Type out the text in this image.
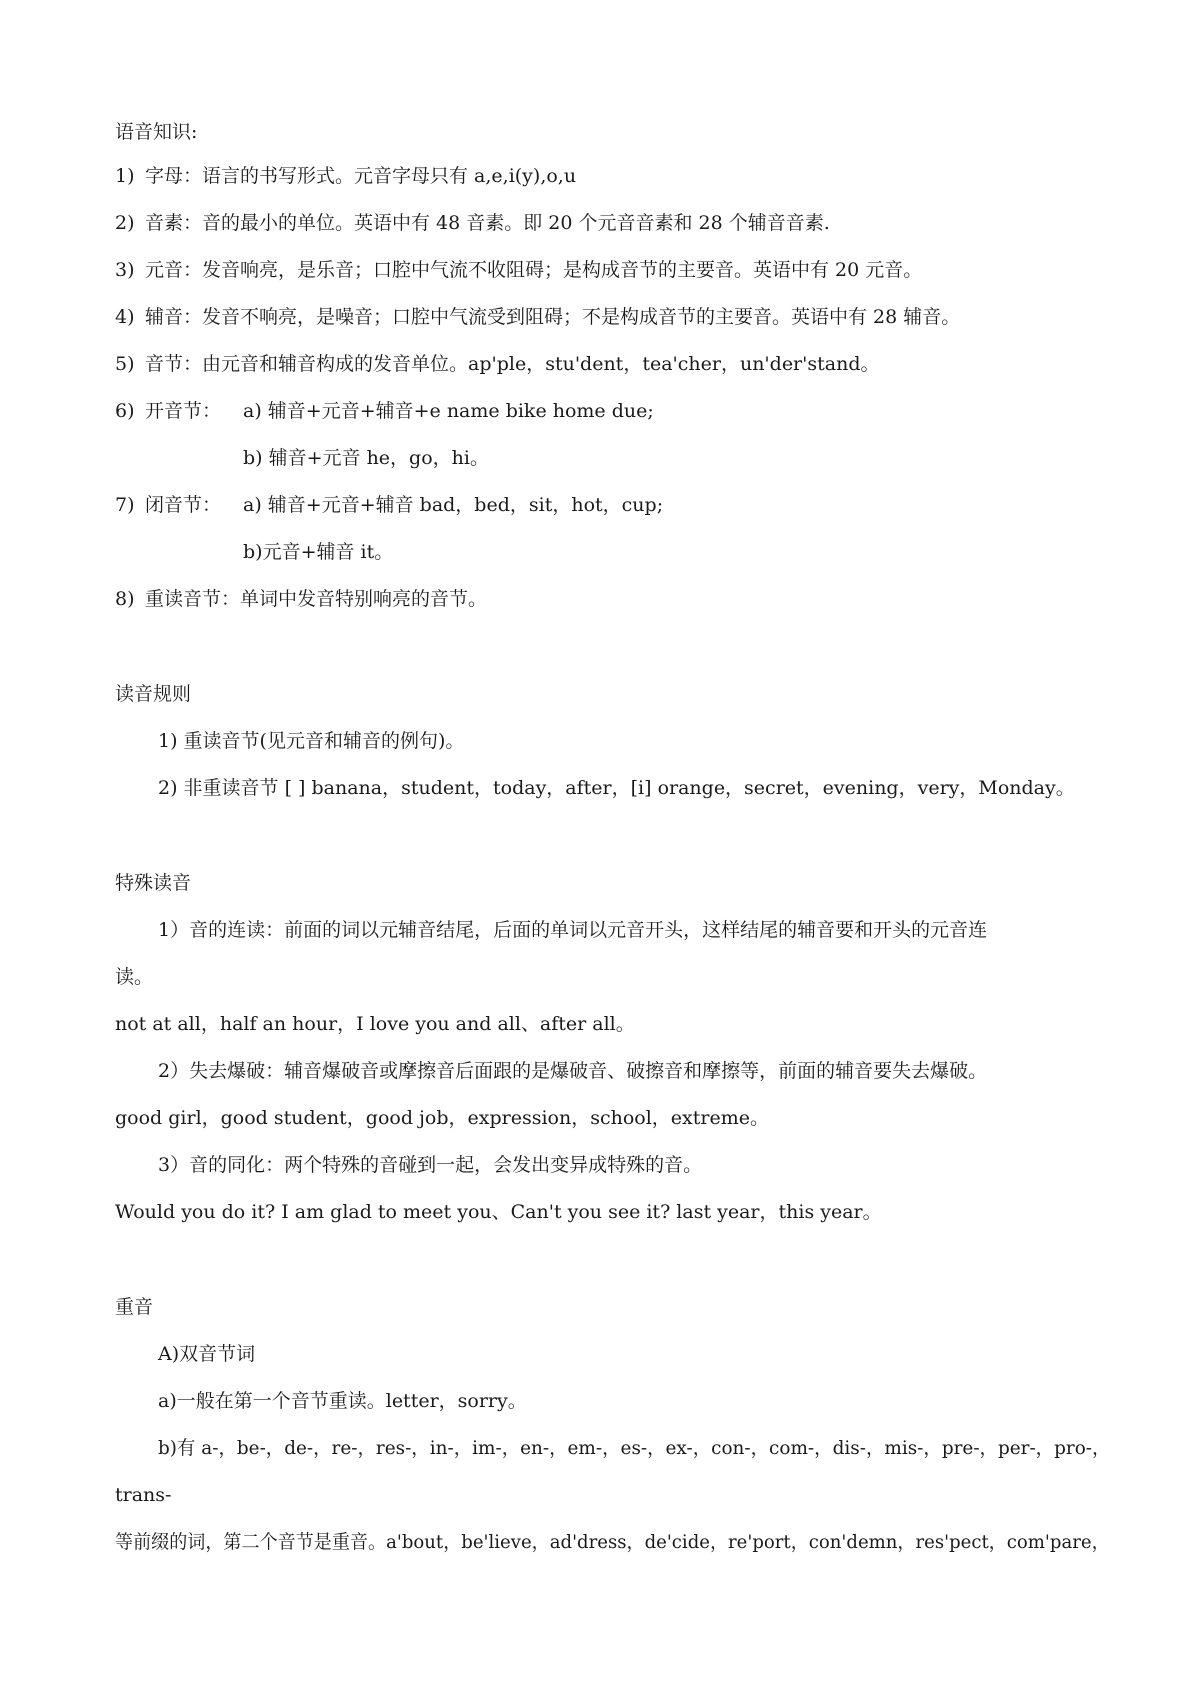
语音知识:
1) 字母：语言的书写形式。元音字母只有 a,e,i(y),o,u
2) 音素：音的最小的单位。英语中有 48 音素。即 20 个元音音素和 28 个辅音音素.
3) 元音：发音响亮，是乐音；口腔中气流不收阻碍；是构成音节的主要音。英语中有 20 元音。
4) 辅音：发音不响亮，是噪音；口腔中气流受到阻碍；不是构成音节的主要音。英语中有 28 辅音。
5) 音节：由元音和辅音构成的发音单位。ap'ple，stu'dent，tea'cher，un'der'stand。
6) 开音节： a) 辅音+元音+辅音+e name bike home due;
b) 辅音+元音 he，go，hi。
7) 闭音节： a) 辅音+元音+辅音 bad，bed，sit，hot，cup;
b)元音+辅音 it。
8) 重读音节：单词中发音特别响亮的音节。
读音规则
1) 重读音节(见元音和辅音的例句)。
2) 非重读音节 [ ] banana，student，today，after，[i] orange，secret，evening，very，Monday。
特殊读音
1）音的连读：前面的词以元辅音结尾，后面的单词以元音开头，这样结尾的辅音要和开头的元音连
读。
not at all，half an hour，I love you and all、after all。
2）失去爆破：辅音爆破音或摩擦音后面跟的是爆破音、破擦音和摩擦等，前面的辅音要失去爆破。
good girl，good student，good job，expression，school，extreme。
3）音的同化：两个特殊的音碰到一起，会发出变异成特殊的音。
Would you do it? I am glad to meet you、Can't you see it? last year，this year。
重音
A)双音节词
a)一般在第一个音节重读。letter，sorry。
b)有 a-，be-，de-，re-，res-，in-，im-，en-，em-，es-，ex-，con-，com-，dis-，mis-，pre-，per-，pro-，
trans-
等前缀的词，第二个音节是重音。a'bout，be'lieve，ad'dress，de'cide，re'port，con'demn，res'pect，com'pare，
